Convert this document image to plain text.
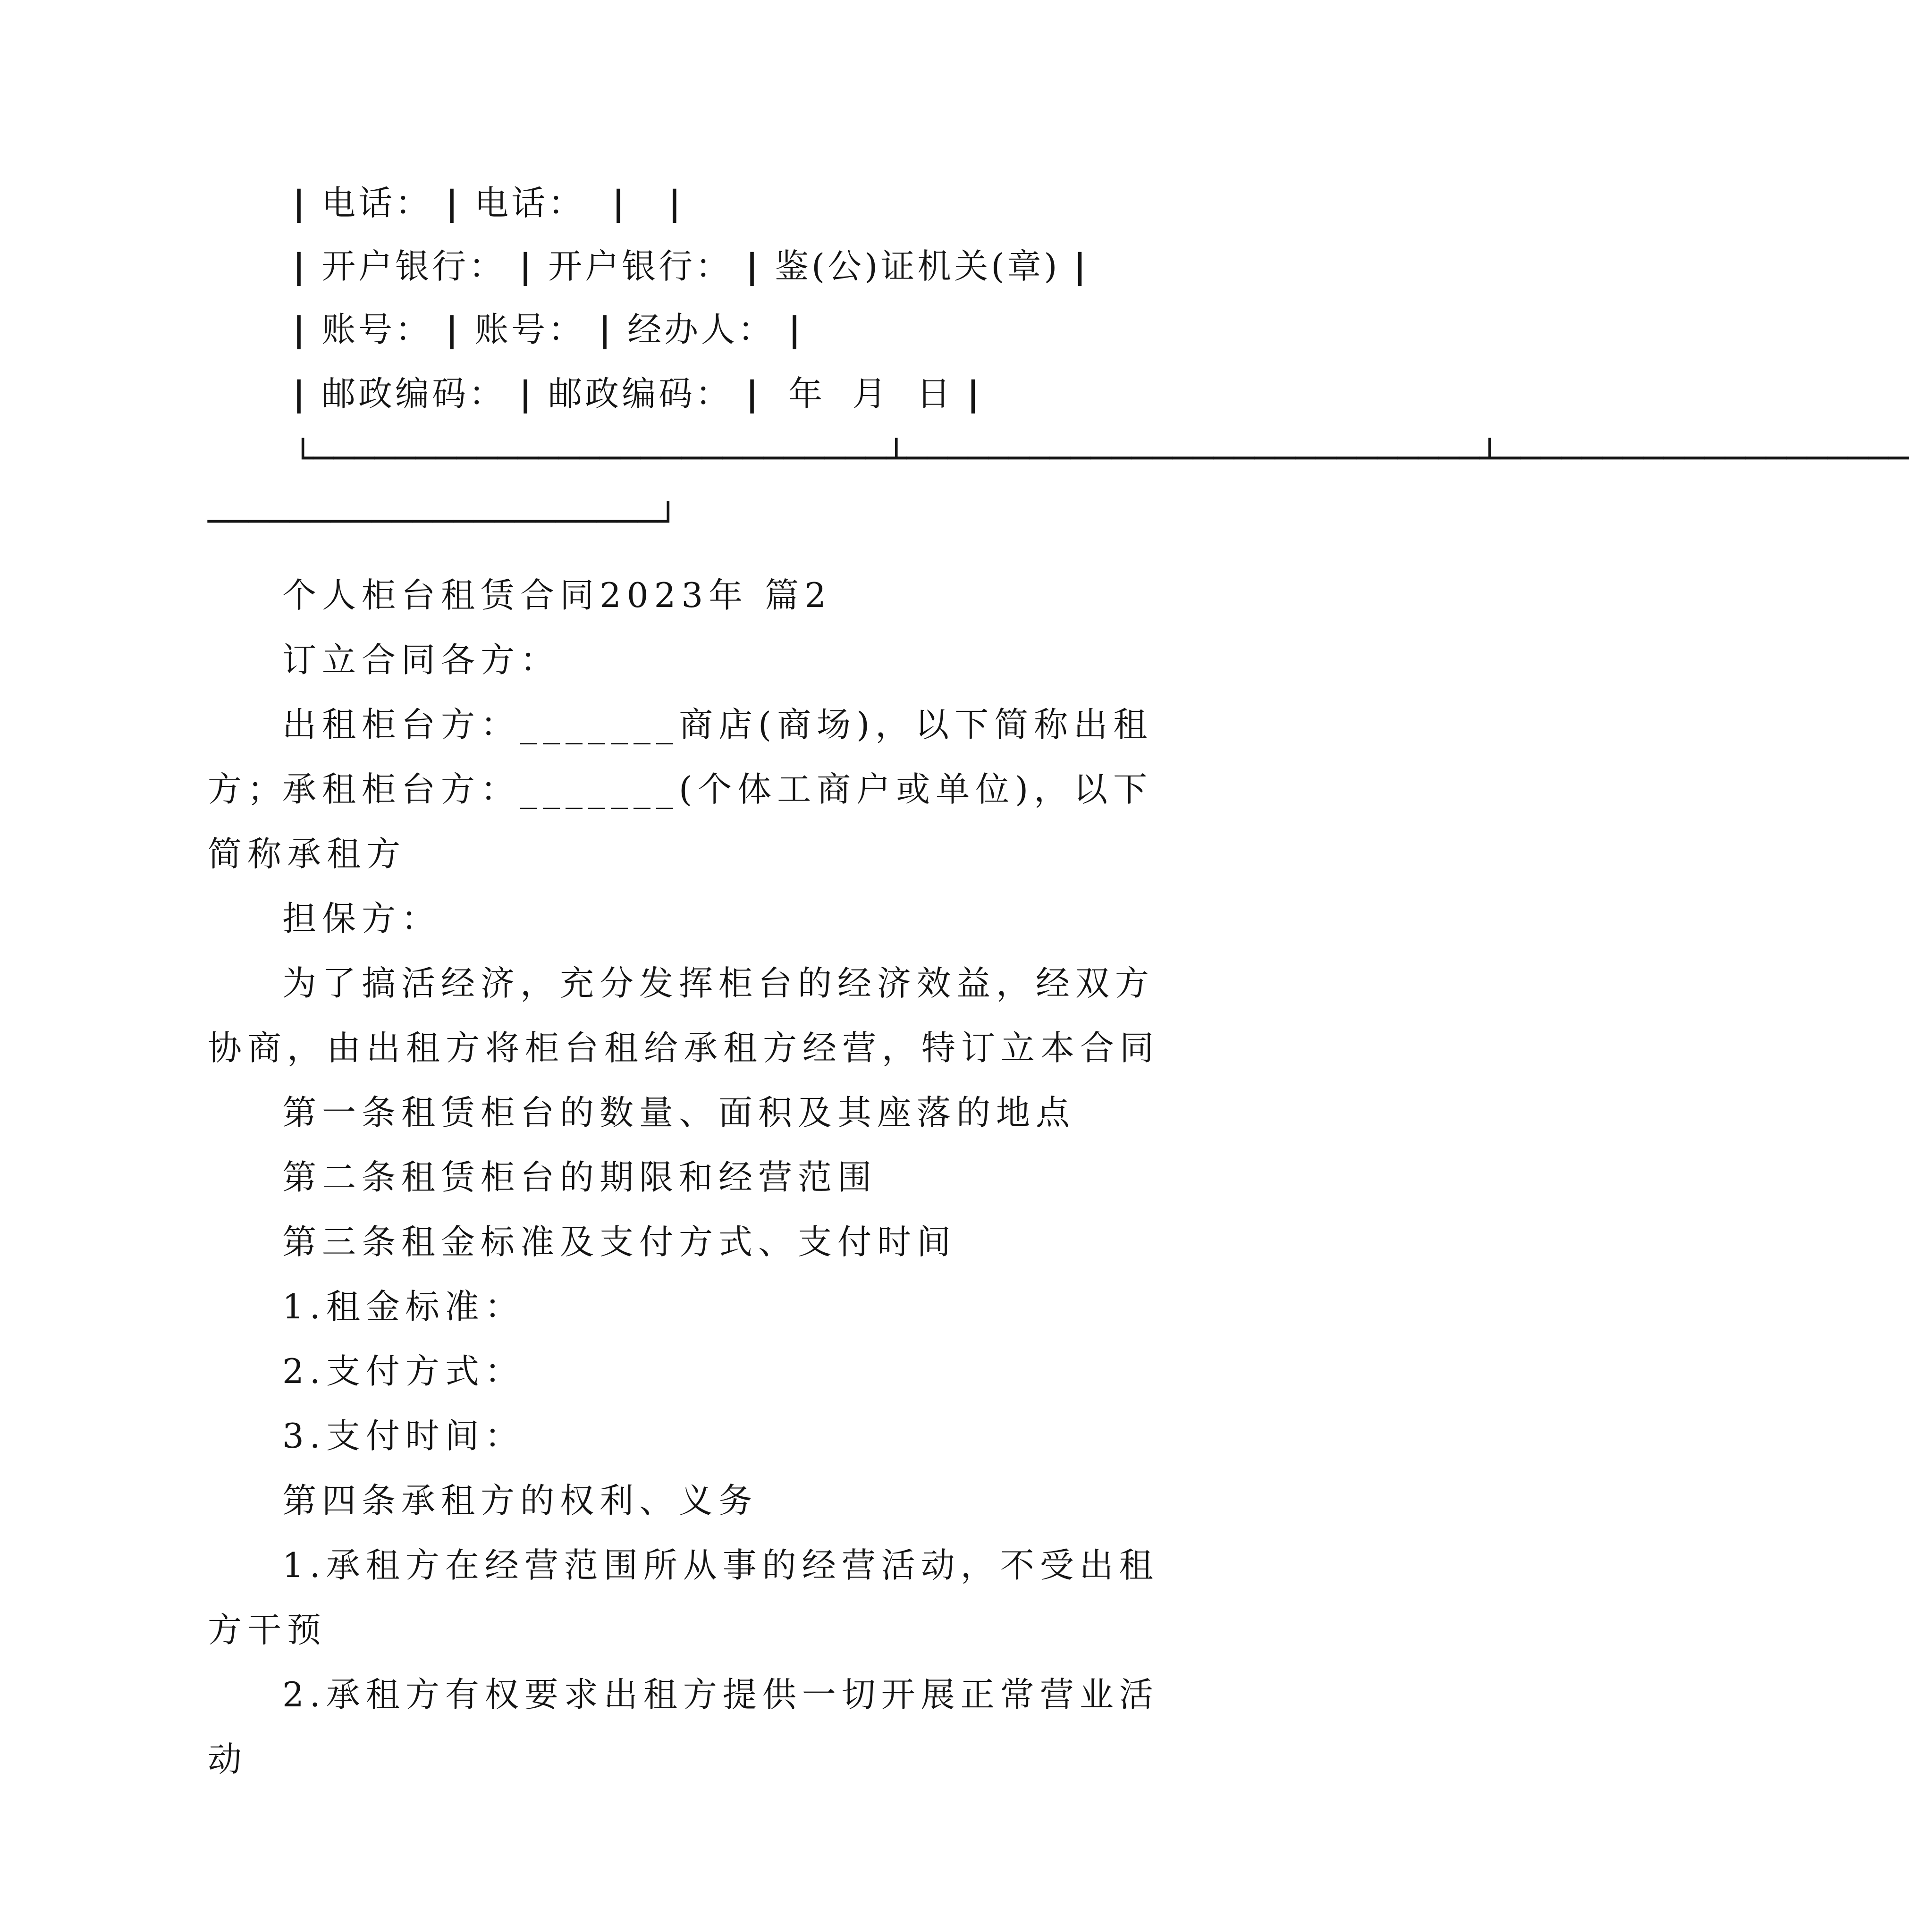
| 电话： | 电话： | |
| 开户银行： | 开户银行： | 鉴(公)证机关(章) |
| 账号： | 账号： | 经办人： |
| 邮政编码： | 邮政编码： |  年  月  日 |
└────────────────────────────┴────────────────────────────┴────────────────────
──────────────────────┘
个人柜台租赁合同2023年 篇2
订立合同各方：
出租柜台方：_______商店(商场)，以下简称出租方；
承租柜台方：_______(个体工商户或单位)，以下简称承租方
担保方：
为了搞活经济，充分发挥柜台的经济效益，经双方协商，由出租方将柜台租给承租方经营，特订立本合同
第一条租赁柜台的数量、面积及其座落的地点
第二条租赁柜台的期限和经营范围
第三条租金标准及支付方式、支付时间
1.租金标准：
2.支付方式：
3.支付时间：
第四条承租方的权利、义务
1.承租方在经营范围所从事的经营活动，不受出租方干预
2.承租方有权要求出租方提供一切开展正常营业活动
